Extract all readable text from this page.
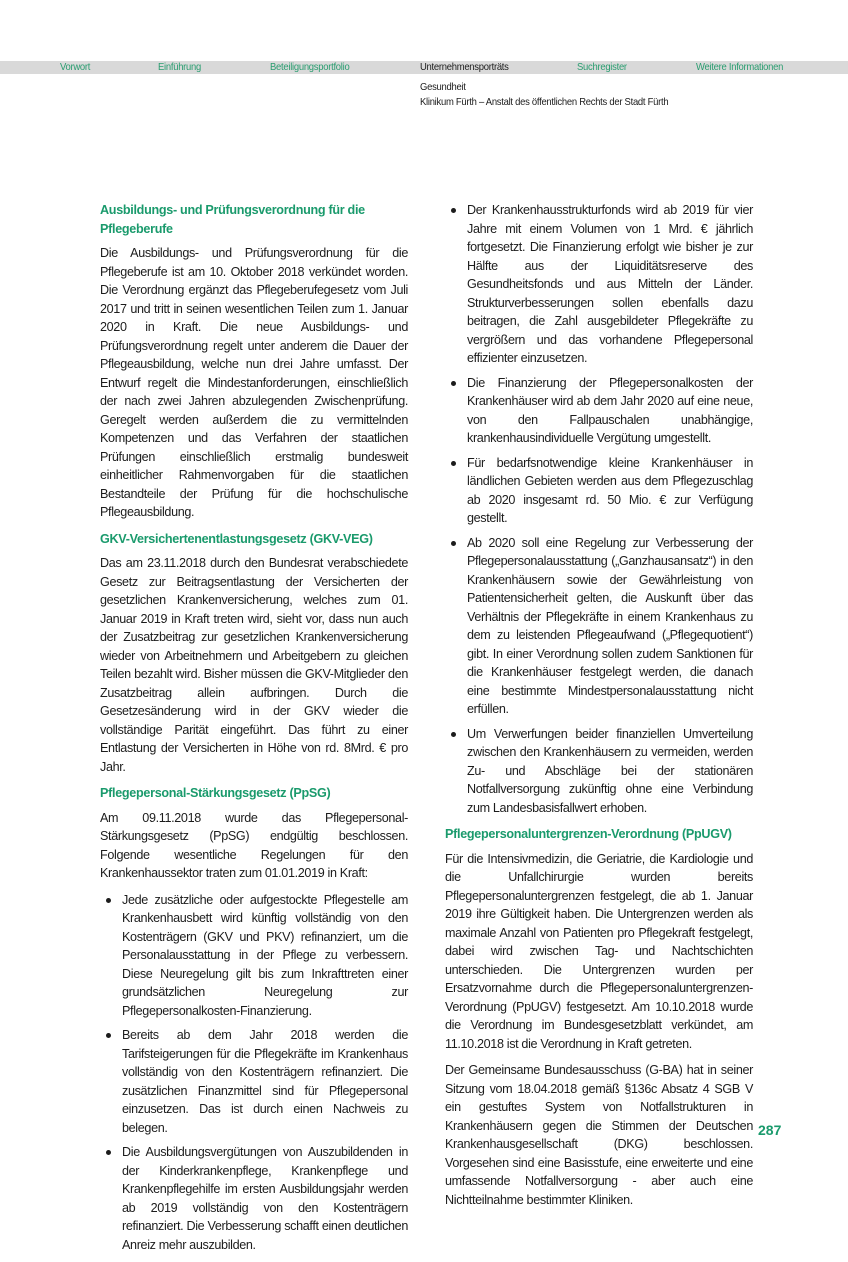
Vorwort	Einführung	Beteiligungsportfolio	Unternehmensporträts	Suchregister	Weitere Informationen
Gesundheit
Klinikum Fürth – Anstalt des öffentlichen Rechts der Stadt Fürth
Ausbildungs- und Prüfungsverordnung für die Pflegeberufe
Die Ausbildungs- und Prüfungsverordnung für die Pflegeberufe ist am 10. Oktober 2018 verkündet worden. Die Verordnung ergänzt das Pflegeberufegesetz vom Juli 2017 und tritt in seinen wesentlichen Teilen zum 1. Januar 2020 in Kraft. Die neue Ausbildungs- und Prüfungsverordnung regelt unter anderem die Dauer der Pflegeausbildung, welche nun drei Jahre umfasst. Der Entwurf regelt die Mindestanforderungen, einschließlich der nach zwei Jahren abzulegenden Zwischenprüfung. Geregelt werden außerdem die zu vermittelnden Kompetenzen und das Verfahren der staatlichen Prüfungen einschließlich erstmalig bundesweit einheitlicher Rahmenvorgaben für die staatlichen Bestandteile der Prüfung für die hochschulische Pflegeausbildung.
GKV-Versichertenentlastungsgesetz (GKV-VEG)
Das am 23.11.2018 durch den Bundesrat verabschiedete Gesetz zur Beitragsentlastung der Versicherten der gesetzlichen Krankenversicherung, welches zum 01. Januar 2019 in Kraft treten wird, sieht vor, dass nun auch der Zusatzbeitrag zur gesetzlichen Krankenversicherung wieder von Arbeitnehmern und Arbeitgebern zu gleichen Teilen bezahlt wird. Bisher müssen die GKV-Mitglieder den Zusatzbeitrag allein aufbringen. Durch die Gesetzesänderung wird in der GKV wieder die vollständige Parität eingeführt. Das führt zu einer Entlastung der Versicherten in Höhe von rd. 8Mrd. € pro Jahr.
Pflegepersonal-Stärkungsgesetz (PpSG)
Am 09.11.2018 wurde das Pflegepersonal-Stärkungsgesetz (PpSG) endgültig beschlossen. Folgende wesentliche Regelungen für den Krankenhaussektor traten zum 01.01.2019 in Kraft:
Jede zusätzliche oder aufgestockte Pflegestelle am Krankenhausbett wird künftig vollständig von den Kostenträgern (GKV und PKV) refinanziert, um die Personalausstattung in der Pflege zu verbessern. Diese Neuregelung gilt bis zum Inkrafttreten einer grundsätzlichen Neuregelung zur Pflegepersonalkosten-Finanzierung.
Bereits ab dem Jahr 2018 werden die Tarifsteigerungen für die Pflegekräfte im Krankenhaus vollständig von den Kostenträgern refinanziert. Die zusätzlichen Finanzmittel sind für Pflegepersonal einzusetzen. Das ist durch einen Nachweis zu belegen.
Die Ausbildungsvergütungen von Auszubildenden in der Kinderkrankenpflege, Krankenpflege und Krankenpflegehilfe im ersten Ausbildungsjahr werden ab 2019 vollständig von den Kostenträgern refinanziert. Die Verbesserung schafft einen deutlichen Anreiz mehr auszubilden.
Der Krankenhausstrukturfonds wird ab 2019 für vier Jahre mit einem Volumen von 1 Mrd. € jährlich fortgesetzt. Die Finanzierung erfolgt wie bisher je zur Hälfte aus der Liquiditätsreserve des Gesundheitsfonds und aus Mitteln der Länder. Strukturverbesserungen sollen ebenfalls dazu beitragen, die Zahl ausgebildeter Pflegekräfte zu vergrößern und das vorhandene Pflegepersonal effizienter einzusetzen.
Die Finanzierung der Pflegepersonalkosten der Krankenhäuser wird ab dem Jahr 2020 auf eine neue, von den Fallpauschalen unabhängige, krankenhausindividuelle Vergütung umgestellt.
Für bedarfsnotwendige kleine Krankenhäuser in ländlichen Gebieten werden aus dem Pflegezuschlag ab 2020 insgesamt rd. 50 Mio. € zur Verfügung gestellt.
Ab 2020 soll eine Regelung zur Verbesserung der Pflegepersonalausstattung („Ganzhausansatz“) in den Krankenhäusern sowie der Gewährleistung von Patientensicherheit gelten, die Auskunft über das Verhältnis der Pflegekräfte in einem Krankenhaus zu dem zu leistenden Pflegeaufwand („Pflegequotient“) gibt. In einer Verordnung sollen zudem Sanktionen für die Krankenhäuser festgelegt werden, die danach eine bestimmte Mindestpersonalausstattung nicht erfüllen.
Um Verwerfungen beider finanziellen Umverteilung zwischen den Krankenhäusern zu vermeiden, werden Zu- und Abschläge bei der stationären Notfallversorgung zukünftig ohne eine Verbindung zum Landesbasisfallwert erhoben.
Pflegepersonaluntergrenzen-Verordnung (PpUGV)
Für die Intensivmedizin, die Geriatrie, die Kardiologie und die Unfallchirurgie wurden bereits Pflegepersonaluntergrenzen festgelegt, die ab 1. Januar 2019 ihre Gültigkeit haben. Die Untergrenzen werden als maximale Anzahl von Patienten pro Pflegekraft festgelegt, dabei wird zwischen Tag- und Nachtschichten unterschieden. Die Untergrenzen wurden per Ersatzvornahme durch die Pflegepersonaluntergrenzen-Verordnung (PpUGV) festgesetzt. Am 10.10.2018 wurde die Verordnung im Bundesgesetzblatt verkündet, am 11.10.2018 ist die Verordnung in Kraft getreten.
Der Gemeinsame Bundesausschuss (G-BA) hat in seiner Sitzung vom 18.04.2018 gemäß §136c Absatz 4 SGB V ein gestuftes System von Notfallstrukturen in Krankenhäusern gegen die Stimmen der Deutschen Krankenhausgesellschaft (DKG) beschlossen. Vorgesehen sind eine Basisstufe, eine erweiterte und eine umfassende Notfallversorgung - aber auch eine Nichtteilnahme bestimmter Kliniken.
287
